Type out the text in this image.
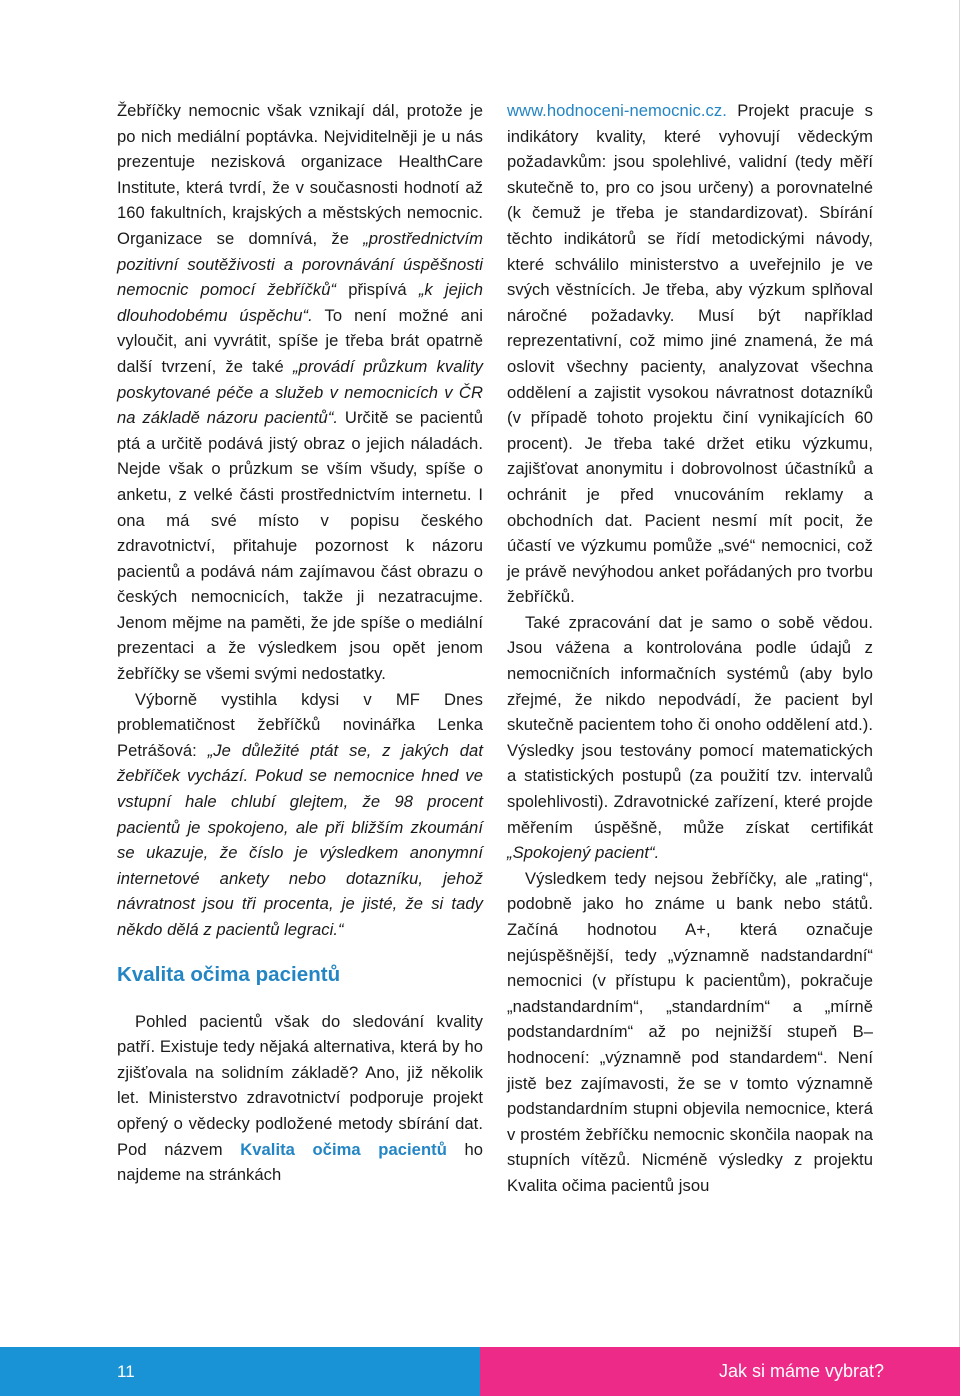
Žebříčky nemocnic však vznikají dál, protože je po nich mediální poptávka. Nejviditelněji je u nás prezentuje nezisková organizace HealthCare Institute, která tvrdí, že v současnosti hodnotí až 160 fakultních, krajských a městských nemocnic. Organizace se domnívá, že „prostřednictvím pozitivní soutěživosti a porovnávání úspěšnosti nemocnic pomocí žebříčků“ přispívá „k jejich dlouhodobému úspěchu“. To není možné ani vyloučit, ani vyvrátit, spíše je třeba brát opatrně další tvrzení, že také „provádí průzkum kvality poskytované péče a služeb v nemocnicích v ČR na základě názoru pacientů“. Určitě se pacientů ptá a určitě podává jistý obraz o jejich náladách. Nejde však o průzkum se vším všudy, spíše o anketu, z velké části prostřednictvím internetu. I ona má své místo v popisu českého zdravotnictví, přitahuje pozornost k názoru pacientů a podává nám zajímavou část obrazu o českých nemocnicích, takže ji nezatracujme. Jenom mějme na paměti, že jde spíše o mediální prezentaci a že výsledkem jsou opět jenom žebříčky se všemi svými nedostatky.

Výborně vystihla kdysi v MF Dnes problematičnost žebříčků novinářka Lenka Petrášová: „Je důležité ptát se, z jakých dat žebříček vychází. Pokud se nemocnice hned ve vstupní hale chlubí glejtem, že 98 procent pacientů je spokojeno, ale při bližším zkoumání se ukazuje, že číslo je výsledkem anonymní internetové ankety nebo dotazníku, jehož návratnost jsou tři procenta, je jisté, že si tady někdo dělá z pacientů legraci.“

Kvalita očima pacientů

Pohled pacientů však do sledování kvality patří. Existuje tedy nějaká alternativa, která by ho zjišťovala na solidním základě? Ano, již několik let. Ministerstvo zdravotnictví podporuje projekt opřený o vědecky podložené metody sbírání dat. Pod názvem Kvalita očima pacientů ho najdeme na stránkách

www.hodnoceni-nemocnic.cz. Projekt pracuje s indikátory kvality, které vyhovují vědeckým požadavkům: jsou spolehlivé, validní (tedy měří skutečně to, pro co jsou určeny) a porovnatelné (k čemuž je třeba je standardizovat). Sbírání těchto indikátorů se řídí metodickými návody, které schválilo ministerstvo a uveřejnilo je ve svých věstnících. Je třeba, aby výzkum splňoval náročné požadavky. Musí být například reprezentativní, což mimo jiné znamená, že má oslovit všechny pacienty, analyzovat všechna oddělení a zajistit vysokou návratnost dotazníků (v případě tohoto projektu činí vynikajících 60 procent). Je třeba také držet etiku výzkumu, zajišťovat anonymitu i dobrovolnost účastníků a ochránit je před vnucováním reklamy a obchodních dat. Pacient nesmí mít pocit, že účastí ve výzkumu pomůže „své“ nemocnici, což je právě nevýhodou anket pořádaných pro tvorbu žebříčků.

Také zpracování dat je samo o sobě vědou. Jsou vážena a kontrolována podle údajů z nemocničních informačních systémů (aby bylo zřejmé, že nikdo nepodvádí, že pacient byl skutečně pacientem toho či onoho oddělení atd.). Výsledky jsou testovány pomocí matematických a statistických postupů (za použití tzv. intervalů spolehlivosti). Zdravotnické zařízení, které projde měřením úspěšně, může získat certifikát „Spokojený pacient“.

Výsledkem tedy nejsou žebříčky, ale „rating“, podobně jako ho známe u bank nebo států. Začíná hodnotou A+, která označuje nejúspěšnější, tedy „významně nadstandardní“ nemocnici (v přístupu k pacientům), pokračuje „nadstandardním“, „standardním“ a „mírně podstandardním“ až po nejnižší stupeň B– hodnocení: „významně pod standardem“. Není jistě bez zajímavosti, že se v tomto významně podstandardním stupni objevila nemocnice, která v prostém žebříčku nemocnic skončila naopak na stupních vítězů. Nicméně výsledky z projektu Kvalita očima pacientů jsou

11	Jak si máme vybrat?
